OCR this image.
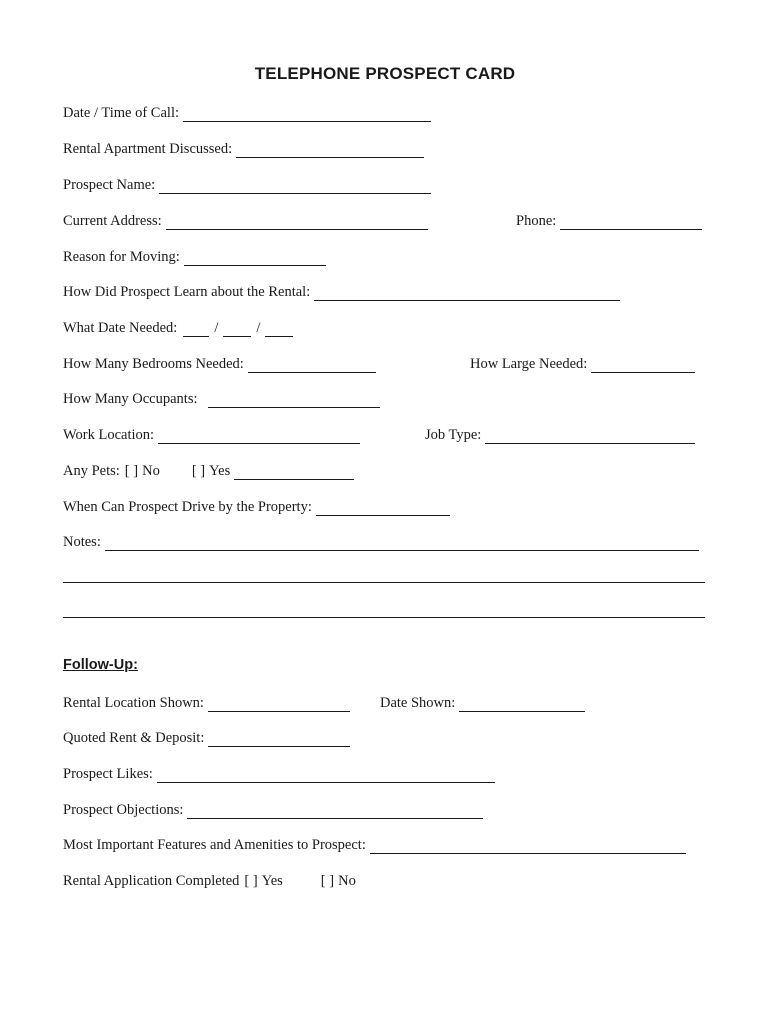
TELEPHONE PROSPECT CARD
Date / Time of Call:
Rental Apartment Discussed:
Prospect Name:
Current Address:	Phone:
Reason for Moving:
How Did Prospect Learn about the Rental:
What Date Needed:	/	/
How Many Bedrooms Needed:	How Large Needed:
How Many Occupants:
Work Location:	Job Type:
Any Pets: [ ] No [ ] Yes
When Can Prospect Drive by the Property:
Notes:
Follow-Up:
Rental Location Shown:	Date Shown:
Quoted Rent & Deposit:
Prospect Likes:
Prospect Objections:
Most Important Features and Amenities to Prospect:
Rental Application Completed [ ] Yes	[ ] No
